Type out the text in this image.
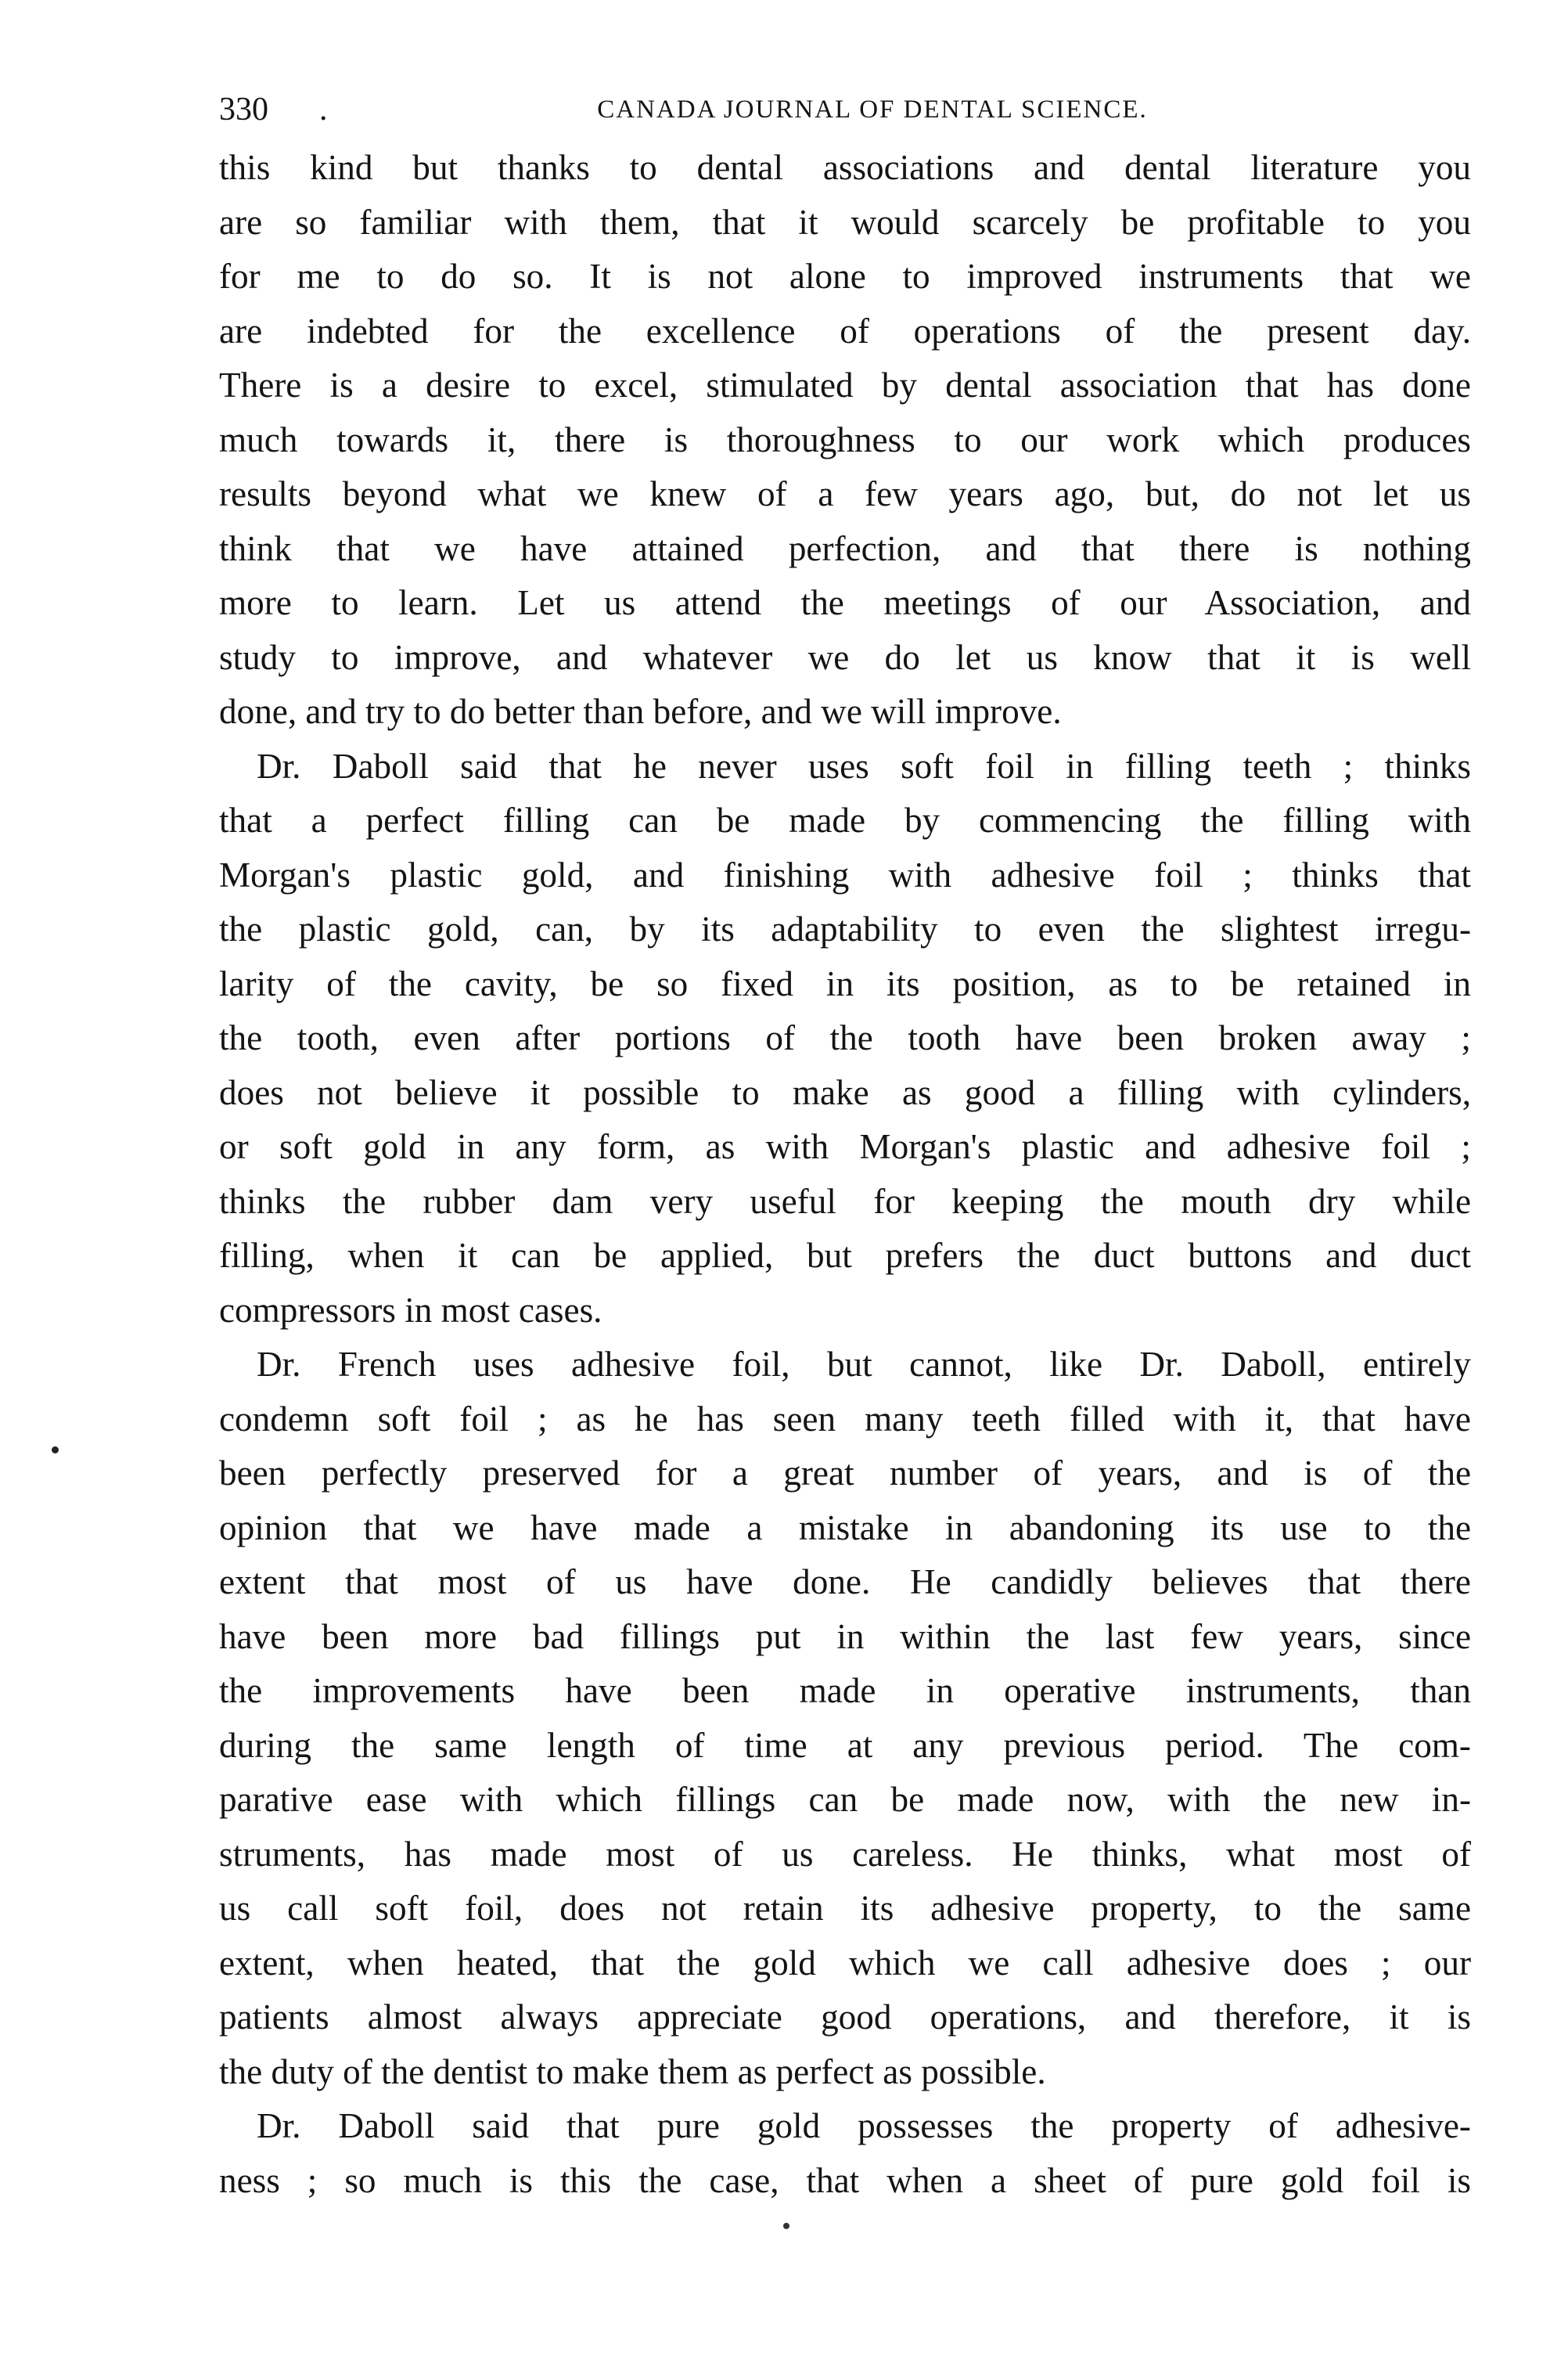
330 .	CANADA JOURNAL OF DENTAL SCIENCE.

this kind but thanks to dental associations and dental literature you
are so familiar with them, that it would scarcely be profitable to you
for me to do so. It is not alone to improved instruments that we
are indebted for the excellence of operations of the present day.
There is a desire to excel, stimulated by dental association that has done
much towards it, there is thoroughness to our work which produces
results beyond what we knew of a few years ago, but, do not let us
think that we have attained perfection, and that there is nothing
more to learn. Let us attend the meetings of our Association, and
study to improve, and whatever we do let us know that it is well
done, and try to do better than before, and we will improve.

Dr. Daboll said that he never uses soft foil in filling teeth ; thinks
that a perfect filling can be made by commencing the filling with
Morgan's plastic gold, and finishing with adhesive foil ; thinks that
the plastic gold, can, by its adaptability to even the slightest irregu-
larity of the cavity, be so fixed in its position, as to be retained in
the tooth, even after portions of the tooth have been broken away ;
does not believe it possible to make as good a filling with cylinders,
or soft gold in any form, as with Morgan's plastic and adhesive foil ;
thinks the rubber dam very useful for keeping the mouth dry while
filling, when it can be applied, but prefers the duct buttons and duct
compressors in most cases.

Dr. French uses adhesive foil, but cannot, like Dr. Daboll, entirely
condemn soft foil ; as he has seen many teeth filled with it, that have
been perfectly preserved for a great number of years, and is of the
opinion that we have made a mistake in abandoning its use to the
extent that most of us have done. He candidly believes that there
have been more bad fillings put in within the last few years, since
the improvements have been made in operative instruments, than
during the same length of time at any previous period. The com-
parative ease with which fillings can be made now, with the new in-
struments, has made most of us careless. He thinks, what most of
us call soft foil, does not retain its adhesive property, to the same
extent, when heated, that the gold which we call adhesive does ; our
patients almost always appreciate good operations, and therefore, it is
the duty of the dentist to make them as perfect as possible.

Dr. Daboll said that pure gold possesses the property of adhesive-
ness ; so much is this the case, that when a sheet of pure gold foil is
